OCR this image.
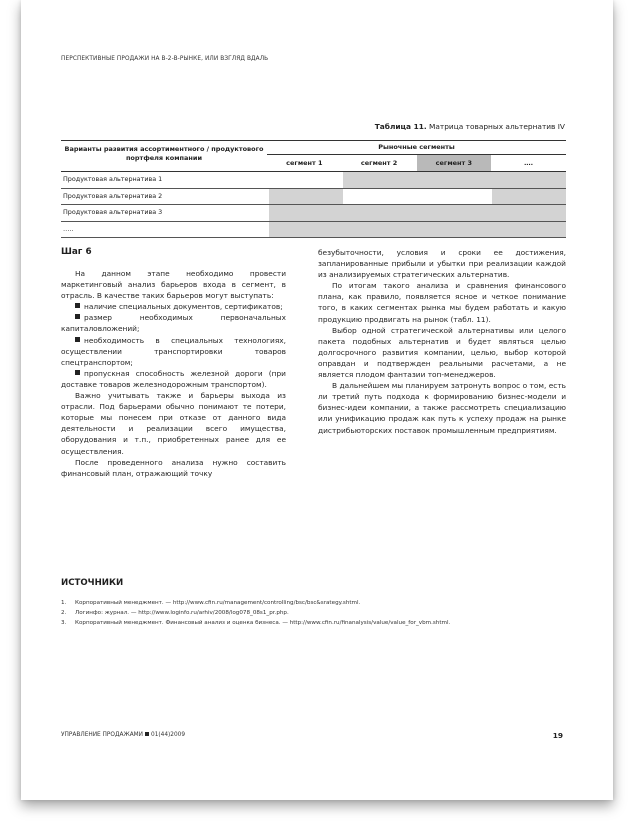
ПЕРСПЕКТИВНЫЕ ПРОДАЖИ НА B-2-B-РЫНКЕ, ИЛИ ВЗГЛЯД ВДАЛЬ
Таблица 11. Матрица товарных альтернатив IV
Варианты развития ассортиментного / продуктового портфеля компании
Рыночные сегменты
сегмент 1	сегмент 2	сегмент 3	….
Продуктовая альтернатива 1
Продуктовая альтернатива 2
Продуктовая альтернатива 3
…..
Шаг 6

На данном этапе необходимо провести маркетинговый анализ барьеров входа в сегмент, в отрасль. В качестве таких барьеров могут выступать:

наличие специальных документов, сертификатов;

размер необходимых первоначальных капиталовложений;

необходимость в специальных технологиях, осуществлении транспортировки товаров спецтранспортом;

пропускная способность железной дороги (при доставке товаров железнодорожным транспортом).

Важно учитывать также и барьеры выхода из отрасли. Под барьерами обычно понимают те потери, которые мы понесем при отказе от данного вида деятельности и реализации всего имущества, оборудования и т.п., приобретенных ранее для ее осуществления.

После проведенного анализа нужно составить финансовый план, отражающий точку

безубыточности, условия и сроки ее достижения, запланированные прибыли и убытки при реализации каждой из анализируемых стратегических альтернатив.

По итогам такого анализа и сравнения финансового плана, как правило, появляется ясное и четкое понимание того, в каких сегментах рынка мы будем работать и какую продукцию продвигать на рынок (табл. 11).

Выбор одной стратегической альтернативы или целого пакета подобных альтернатив и будет являться целью долгосрочного развития компании, целью, выбор которой оправдан и подтвержден реальными расчетами, а не является плодом фантазии топ-менеджеров.

В дальнейшем мы планируем затронуть вопрос о том, есть ли третий путь подхода к формированию бизнес-модели и бизнес-идеи компании, а также рассмотреть специализацию или унификацию продаж как путь к успеху продаж на рынке дистрибьюторских поставок промышленным предприятиям.

ИСТОЧНИКИ
1.	Корпоративный менеджмент. — http://www.cfin.ru/management/controlling/bsc/bsc&srategy.shtml.
2.	Логинфо: журнал. — http://www.loginfo.ru/arhiv/2008/log078_08s1_pr.php.
3.	Корпоративный менеджмент. Финансовый анализ и оценка бизнеса. — http://www.cfin.ru/finanalysis/value/value_for_vbm.shtml.
УПРАВЛЕНИЕ ПРОДАЖАМИ 01(44)2009	19
